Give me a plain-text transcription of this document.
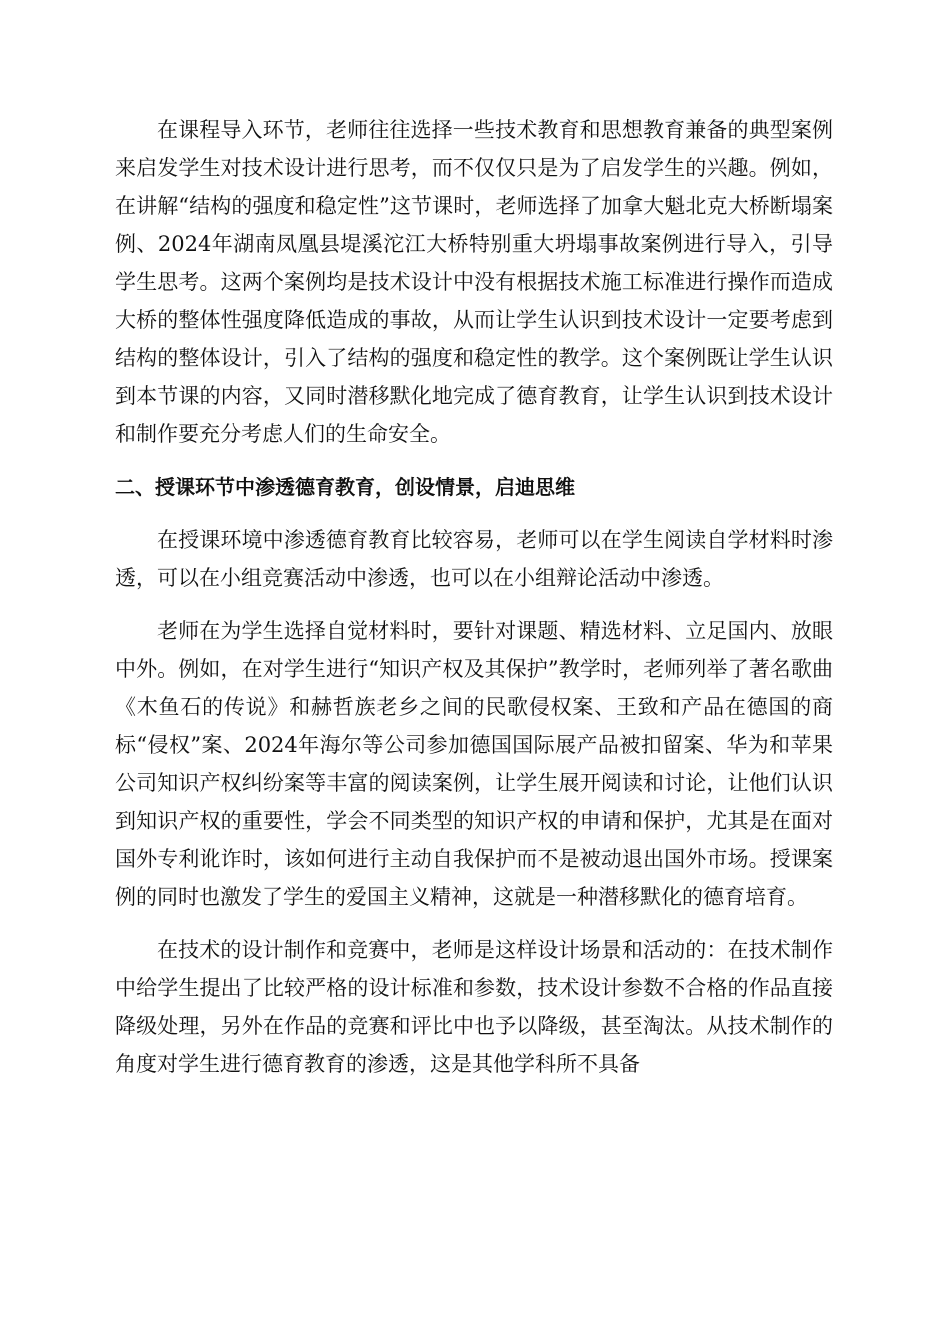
在课程导入环节，老师往往选择一些技术教育和思想教育兼备的典型案例来启发学生对技术设计进行思考，而不仅仅只是为了启发学生的兴趣。例如，在讲解“结构的强度和稳定性”这节课时，老师选择了加拿大魁北克大桥断塌案例、2024年湖南凤凰县堤溪沱江大桥特别重大坍塌事故案例进行导入，引导学生思考。这两个案例均是技术设计中没有根据技术施工标准进行操作而造成大桥的整体性强度降低造成的事故，从而让学生认识到技术设计一定要考虑到结构的整体设计，引入了结构的强度和稳定性的教学。这个案例既让学生认识到本节课的内容，又同时潜移默化地完成了德育教育，让学生认识到技术设计和制作要充分考虑人们的生命安全。

二、授课环节中渗透德育教育，创设情景，启迪思维

在授课环境中渗透德育教育比较容易，老师可以在学生阅读自学材料时渗透，可以在小组竞赛活动中渗透，也可以在小组辩论活动中渗透。

老师在为学生选择自觉材料时，要针对课题、精选材料、立足国内、放眼中外。例如，在对学生进行“知识产权及其保护”教学时，老师列举了著名歌曲《木鱼石的传说》和赫哲族老乡之间的民歌侵权案、王致和产品在德国的商标“侵权”案、2024年海尔等公司参加德国国际展产品被扣留案、华为和苹果公司知识产权纠纷案等丰富的阅读案例，让学生展开阅读和讨论，让他们认识到知识产权的重要性，学会不同类型的知识产权的申请和保护，尤其是在面对国外专利讹诈时，该如何进行主动自我保护而不是被动退出国外市场。授课案例的同时也激发了学生的爱国主义精神，这就是一种潜移默化的德育培育。

在技术的设计制作和竞赛中，老师是这样设计场景和活动的：在技术制作中给学生提出了比较严格的设计标准和参数，技术设计参数不合格的作品直接降级处理，另外在作品的竞赛和评比中也予以降级，甚至淘汰。从技术制作的角度对学生进行德育教育的渗透，这是其他学科所不具备
